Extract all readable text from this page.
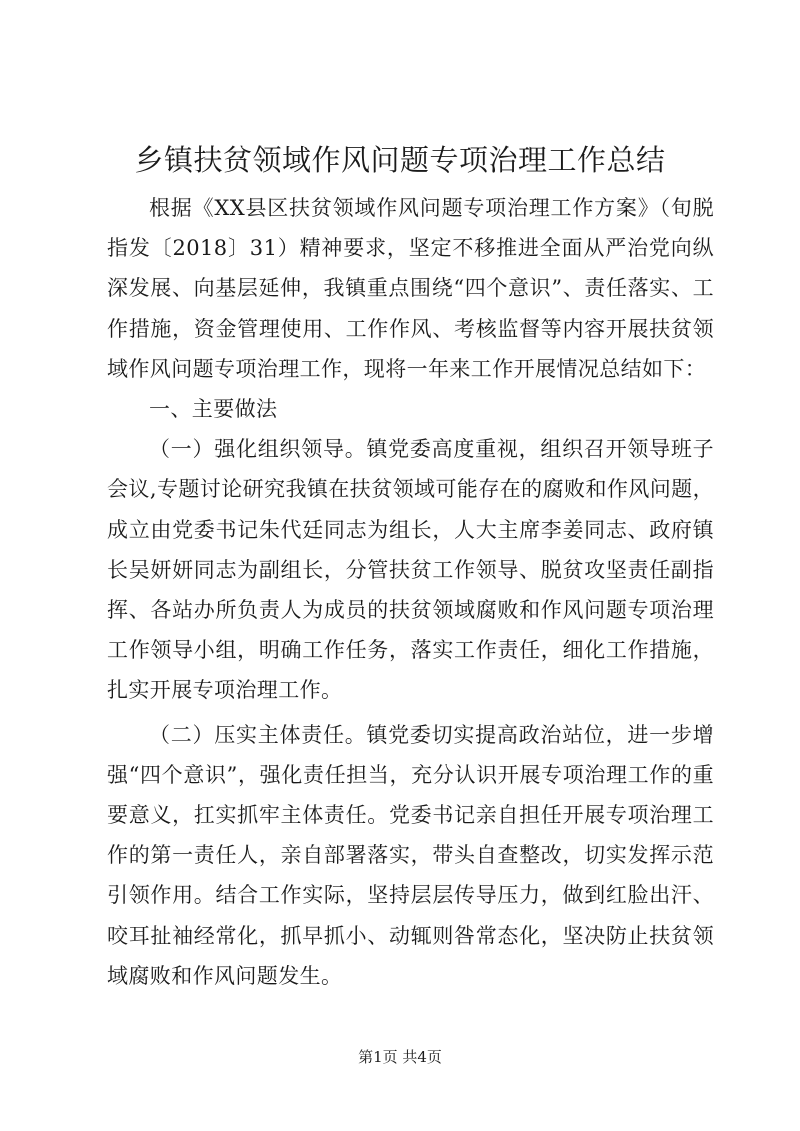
乡镇扶贫领域作风问题专项治理工作总结

根据《XX县区扶贫领域作风问题专项治理工作方案》（旬脱指发〔2018〕31）精神要求，坚定不移推进全面从严治党向纵深发展、向基层延伸，我镇重点围绕“四个意识”、责任落实、工作措施，资金管理使用、工作作风、考核监督等内容开展扶贫领域作风问题专项治理工作，现将一年来工作开展情况总结如下：

一、主要做法

（一）强化组织领导。镇党委高度重视，组织召开领导班子会议,专题讨论研究我镇在扶贫领域可能存在的腐败和作风问题，成立由党委书记朱代廷同志为组长，人大主席李姜同志、政府镇长吴妍妍同志为副组长，分管扶贫工作领导、脱贫攻坚责任副指挥、各站办所负责人为成员的扶贫领域腐败和作风问题专项治理工作领导小组，明确工作任务，落实工作责任，细化工作措施，扎实开展专项治理工作。

（二）压实主体责任。镇党委切实提高政治站位，进一步增强“四个意识”，强化责任担当，充分认识开展专项治理工作的重要意义，扛实抓牢主体责任。党委书记亲自担任开展专项治理工作的第一责任人，亲自部署落实，带头自查整改，切实发挥示范引领作用。结合工作实际，坚持层层传导压力，做到红脸出汗、咬耳扯袖经常化，抓早抓小、动辄则咎常态化，坚决防止扶贫领域腐败和作风问题发生。

第1页 共4页
